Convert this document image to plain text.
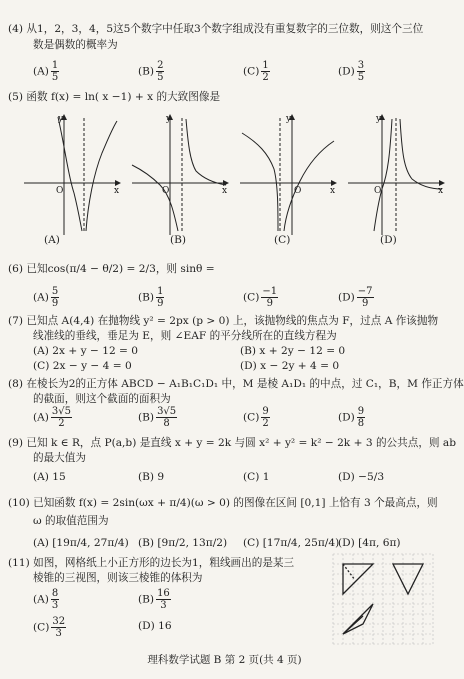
(4) 从1，2，3，4，5这5个数字中任取3个数字组成没有重复数字的三位数，则这个三位
数是偶数的概率为
$(A) \frac{1}{5}$	$(B) \frac{2}{5}$	$(C) \frac{1}{2}$	$(D) \frac{3}{5}$
(5) 函数 f(x) = ln( x −1) + x 的大致图像是
y
x
O
y
x
O
y
x
O
y
x
O
(A)	(B)	(C)	(D)
(6) 已知cos(π/4 − θ/2) = 2/3，则 sinθ =
$(A) \frac{5}{9}$	$(B) \frac{1}{9}$	$(C) \frac{-1}{9}$	$(D) \frac{-7}{9}$
(7) 已知点 A(4,4) 在抛物线 y² = 2px (p > 0) 上，该抛物线的焦点为 F，过点 A 作该抛物
线准线的垂线，垂足为 E，则 ∠EAF 的平分线所在的直线方程为
(A) 2x + y − 12 = 0	(B) x + 2y − 12 = 0
(C) 2x − y − 4 = 0	(D) x − 2y + 4 = 0
(8) 在棱长为2的正方体 ABCD − A₁B₁C₁D₁ 中，M 是棱 A₁D₁ 的中点，过 C₁，B，M 作正方体
的截面，则这个截面的面积为
$(A) \frac{3√5}{2}$	$(B) \frac{3√5}{8}$	$(C) \frac{9}{2}$	$(D) \frac{9}{8}$
(9) 已知 k ∈ R，点 P(a,b) 是直线 x + y = 2k 与圆 x² + y² = k² − 2k + 3 的公共点，则 ab
的最大值为
(A) 15	(B) 9	(C) 1	(D) −5/3
(10) 已知函数 f(x) = 2sin(ωx + π/4)(ω > 0) 的图像在区间 [0,1] 上恰有 3 个最高点，则
ω 的取值范围为
(A) [19π/4, 27π/4) (B) [9π/2, 13π/2) (C) [17π/4, 25π/4)
(D) [4π, 6π)
(11) 如图，网格纸上小正方形的边长为1，粗线画出的是某三
棱锥的三视图，则该三棱锥的体积为
$(A) \frac{8}{3}$	$(B) \frac{16}{3}$
$(C) \frac{32}{3}$	(D) 16
理科数学试题 B 第 2 页(共 4 页)
